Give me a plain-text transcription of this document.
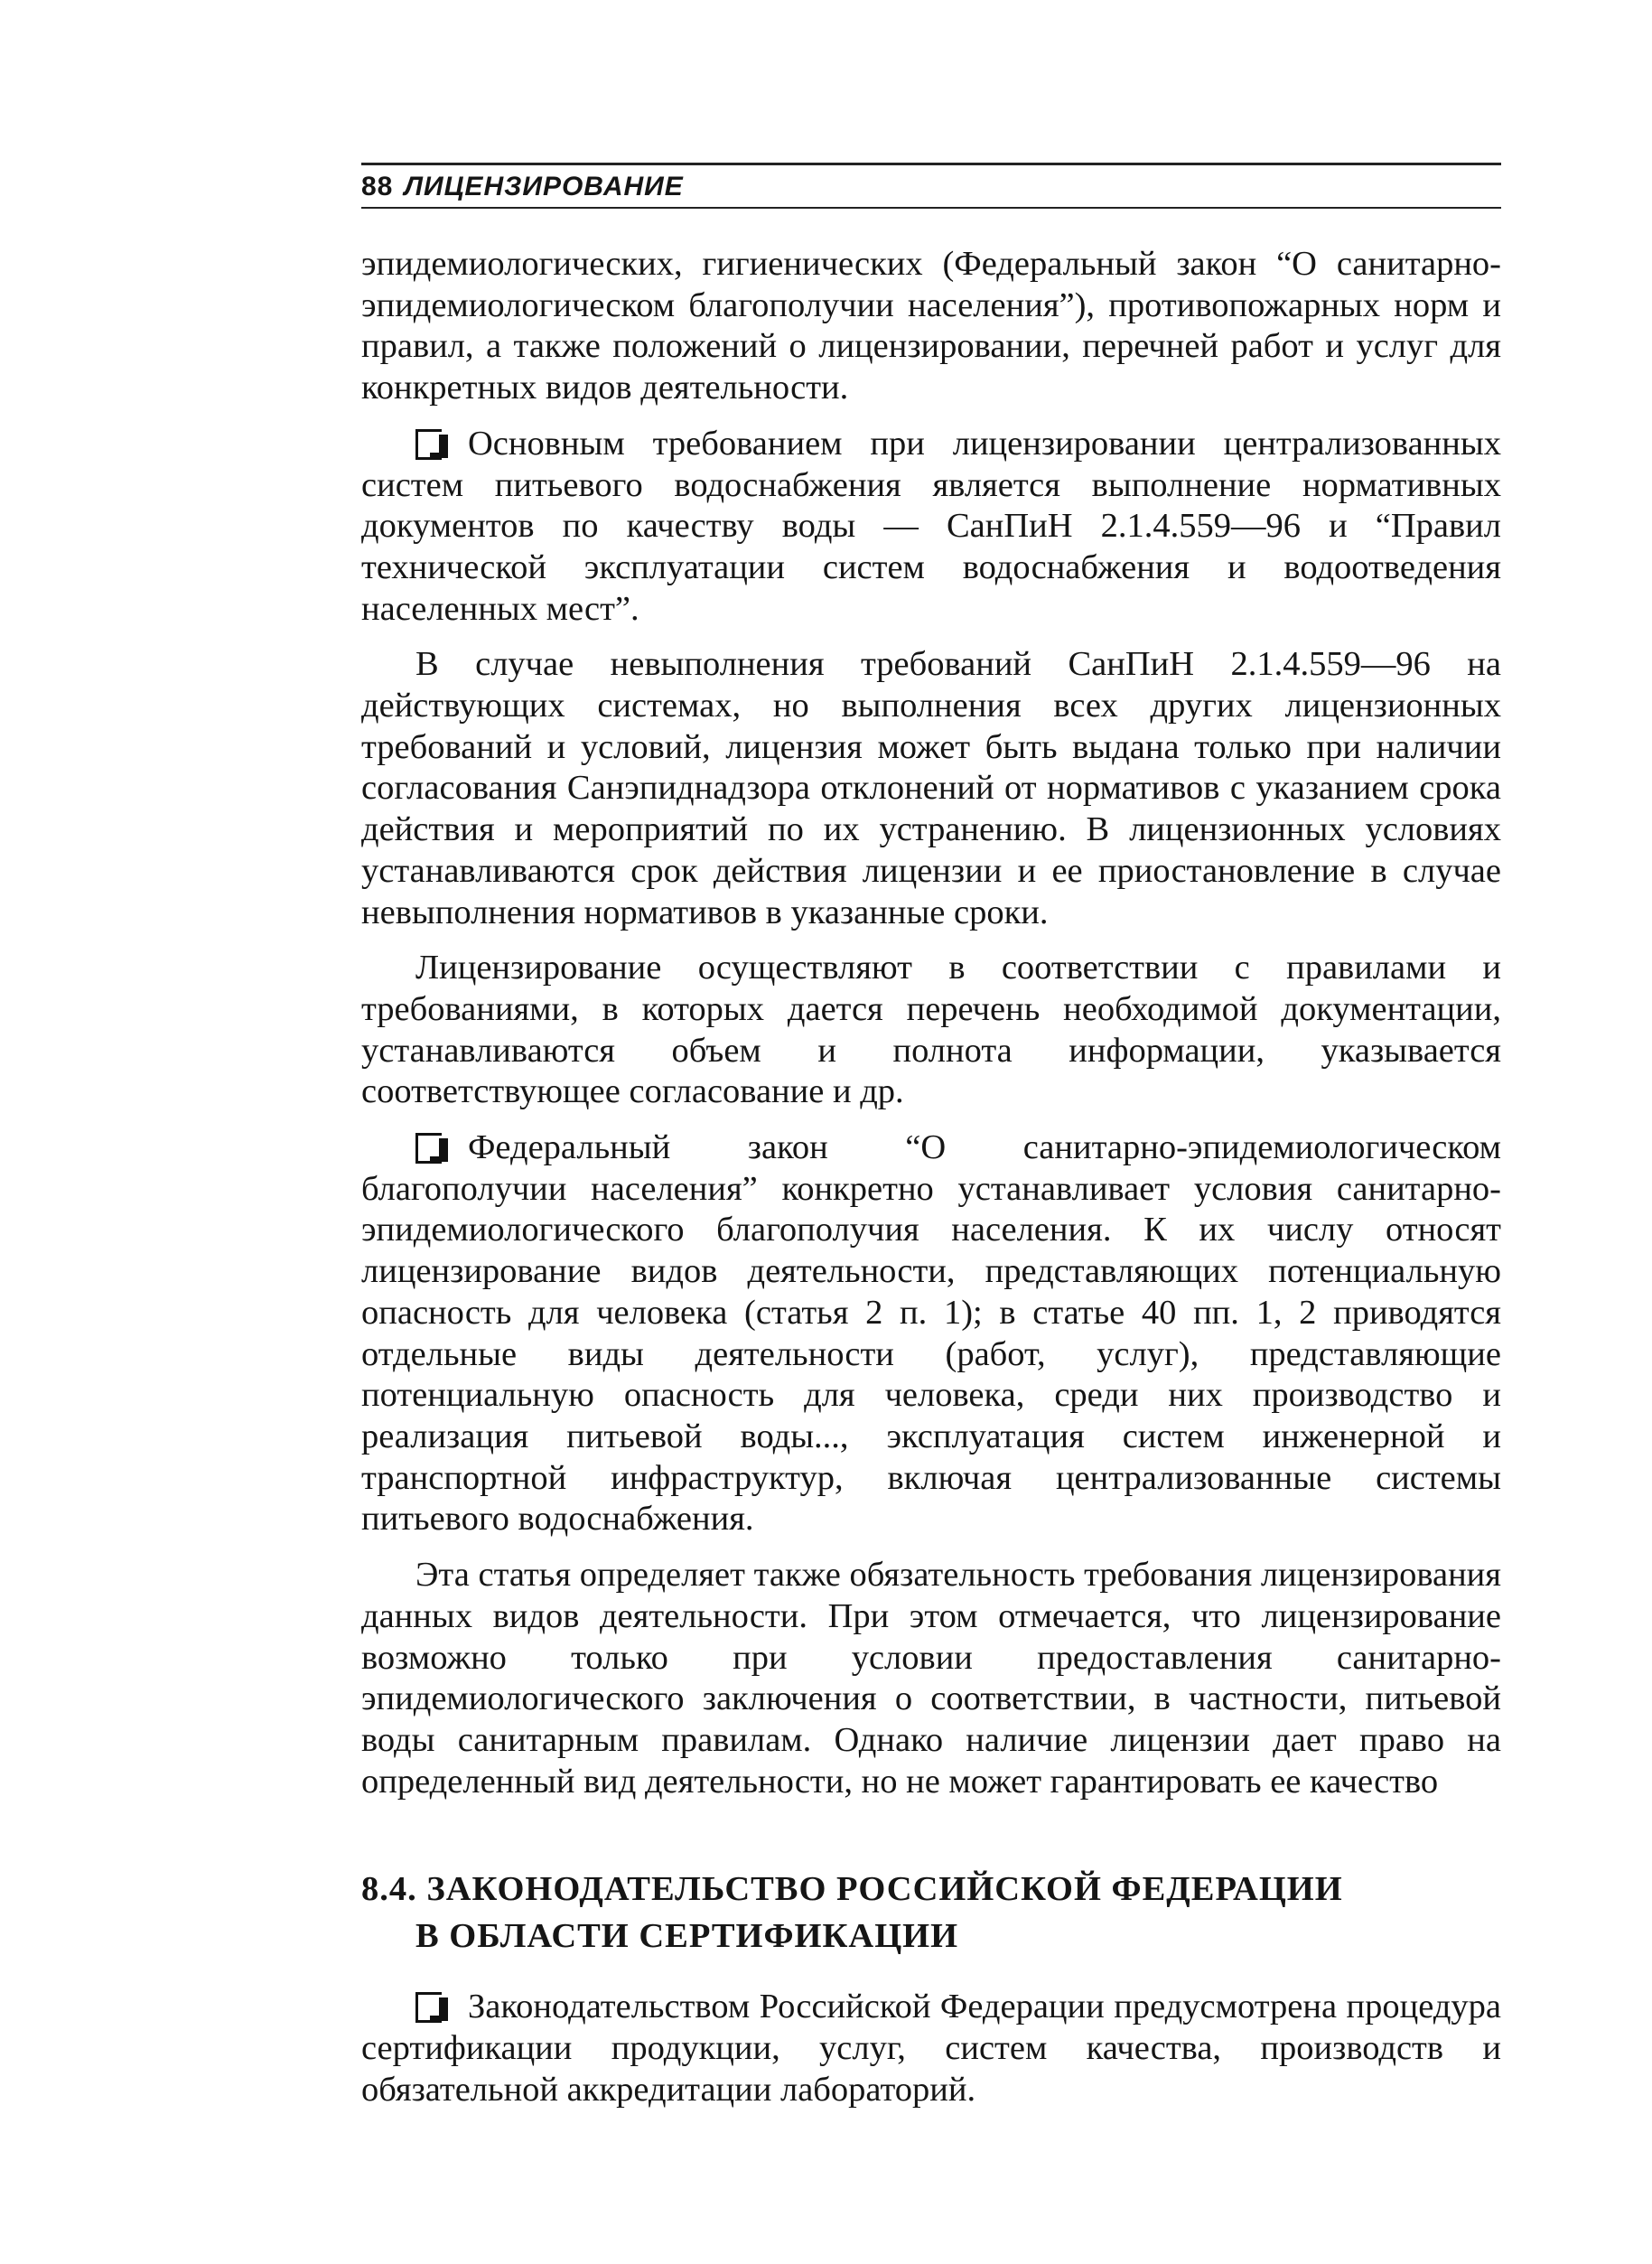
88 ЛИЦЕНЗИРОВАНИЕ

эпидемиологических, гигиенических (Федеральный закон “О санитарно-эпидемиологическом благополучии населения”), противопожарных норм и правил, а также положений о лицензировании, перечней работ и услуг для конкретных видов деятельности.

Основным требованием при лицензировании централизованных систем питьевого водоснабжения является выполнение нормативных документов по качеству воды — СанПиН 2.1.4.559—96 и “Правил технической эксплуатации систем водоснабжения и водоотведения населенных мест”.

В случае невыполнения требований СанПиН 2.1.4.559—96 на действующих системах, но выполнения всех других лицензионных требований и условий, лицензия может быть выдана только при наличии согласования Санэпиднадзора отклонений от нормативов с указанием срока действия и мероприятий по их устранению. В лицензионных условиях устанавливаются срок действия лицензии и ее приостановление в случае невыполнения нормативов в указанные сроки.

Лицензирование осуществляют в соответствии с правилами и требованиями, в которых дается перечень необходимой документации, устанавливаются объем и полнота информации, указывается соответствующее согласование и др.

Федеральный закон “О санитарно-эпидемиологическом благополучии населения” конкретно устанавливает условия санитарно-эпидемиологического благополучия населения. К их числу относят лицензирование видов деятельности, представляющих потенциальную опасность для человека (статья 2 п. 1); в статье 40 пп. 1, 2 приводятся отдельные виды деятельности (работ, услуг), представляющие потенциальную опасность для человека, среди них производство и реализация питьевой воды..., эксплуатация систем инженерной и транспортной инфраструктур, включая централизованные системы питьевого водоснабжения.

Эта статья определяет также обязательность требования лицензирования данных видов деятельности. При этом отмечается, что лицензирование возможно только при условии предоставления санитарно-эпидемиологического заключения о соответствии, в частности, питьевой воды санитарным правилам. Однако наличие лицензии дает право на определенный вид деятельности, но не может гарантировать ее качество

8.4. ЗАКОНОДАТЕЛЬСТВО РОССИЙСКОЙ ФЕДЕРАЦИИ
В ОБЛАСТИ СЕРТИФИКАЦИИ

Законодательством Российской Федерации предусмотрена процедура сертификации продукции, услуг, систем качества, производств и обязательной аккредитации лабораторий.
